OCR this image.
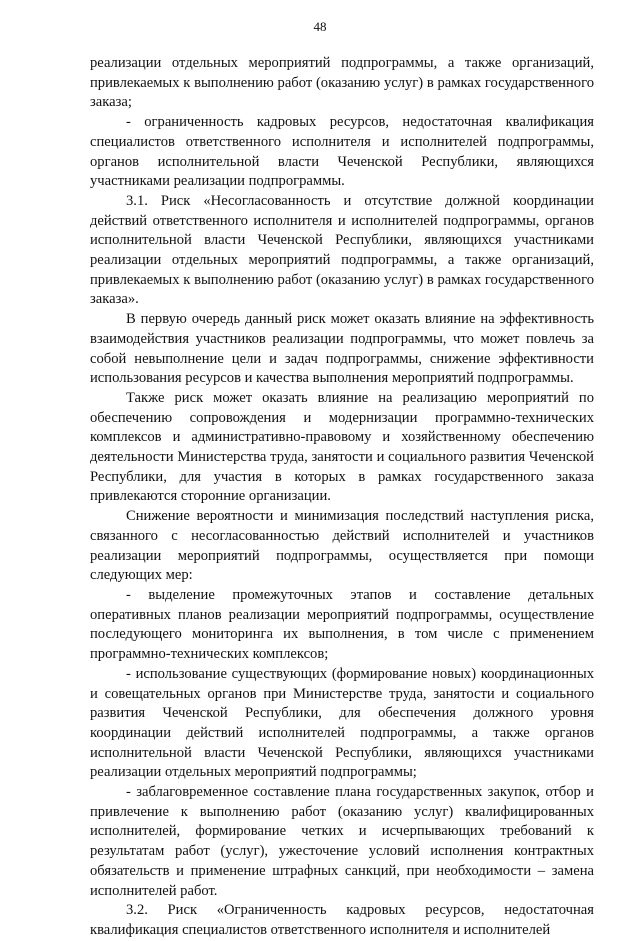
48

реализации отдельных мероприятий подпрограммы, а также организаций, привлекаемых к выполнению работ (оказанию услуг) в рамках государственного заказа;

- ограниченность кадровых ресурсов, недостаточная квалификация специалистов ответственного исполнителя и исполнителей подпрограммы, органов исполнительной власти Чеченской Республики, являющихся участниками реализации подпрограммы.

3.1. Риск «Несогласованность и отсутствие должной координации действий ответственного исполнителя и исполнителей подпрограммы, органов исполнительной власти Чеченской Республики, являющихся участниками реализации отдельных мероприятий подпрограммы, а также организаций, привлекаемых к выполнению работ (оказанию услуг) в рамках государственного заказа».

В первую очередь данный риск может оказать влияние на эффективность взаимодействия участников реализации подпрограммы, что может повлечь за собой невыполнение цели и задач подпрограммы, снижение эффективности использования ресурсов и качества выполнения мероприятий подпрограммы.

Также риск может оказать влияние на реализацию мероприятий по обеспечению сопровождения и модернизации программно-технических комплексов и административно-правовому и хозяйственному обеспечению деятельности Министерства труда, занятости и социального развития Чеченской Республики, для участия в которых в рамках государственного заказа привлекаются сторонние организации.

Снижение вероятности и минимизация последствий наступления риска, связанного с несогласованностью действий исполнителей и участников реализации мероприятий подпрограммы, осуществляется при помощи следующих мер:

- выделение промежуточных этапов и составление детальных оперативных планов реализации мероприятий подпрограммы, осуществление последующего мониторинга их выполнения, в том числе с применением программно-технических комплексов;

- использование существующих (формирование новых) координационных и совещательных органов при Министерстве труда, занятости и социального развития Чеченской Республики, для обеспечения должного уровня координации действий исполнителей подпрограммы, а также органов исполнительной власти Чеченской Республики, являющихся участниками реализации отдельных мероприятий подпрограммы;

- заблаговременное составление плана государственных закупок, отбор и привлечение к выполнению работ (оказанию услуг) квалифицированных исполнителей, формирование четких и исчерпывающих требований к результатам работ (услуг), ужесточение условий исполнения контрактных обязательств и применение штрафных санкций, при необходимости – замена исполнителей работ.

3.2. Риск «Ограниченность кадровых ресурсов, недостаточная квалификация специалистов ответственного исполнителя и исполнителей
